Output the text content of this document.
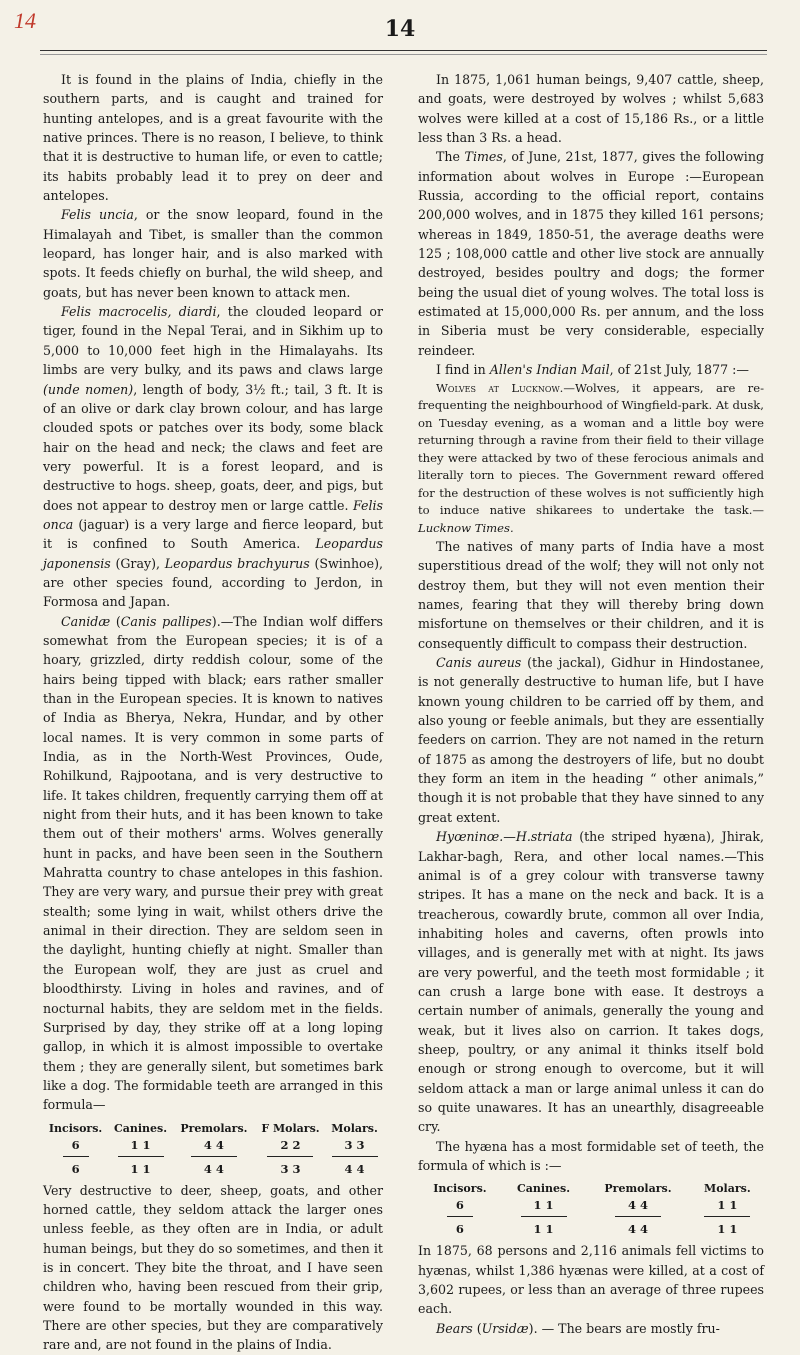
14	14

It is found in the plains of India, chiefly in the southern parts, and is caught and trained for hunting antelopes, and is a great favourite with the native princes. There is no reason, I believe, to think that it is destructive to human life, or even to cattle; its habits probably lead it to prey on deer and antelopes.

Felis uncia, or the snow leopard, found in the Himalayah and Tibet, is smaller than the common leopard, has longer hair, and is also marked with spots. It feeds chiefly on burhal, the wild sheep, and goats, but has never been known to attack men.

Felis macrocelis, diardi, the clouded leopard or tiger, found in the Nepal Terai, and in Sikhim up to 5,000 to 10,000 feet high in the Himalayahs. Its limbs are very bulky, and its paws and claws large (unde nomen), length of body, 3½ ft.; tail, 3 ft. It is of an olive or dark clay brown colour, and has large clouded spots or patches over its body, some black hair on the head and neck; the claws and feet are very powerful. It is a forest leopard, and is destructive to hogs. sheep, goats, deer, and pigs, but does not appear to destroy men or large cattle. Felis onca (jaguar) is a very large and fierce leopard, but it is confined to South America. Leopardus japonensis (Gray), Leopardus brachyurus (Swinhoe), are other species found, according to Jerdon, in Formosa and Japan.

Canidæ (Canis pallipes).—The Indian wolf differs somewhat from the European species; it is of a hoary, grizzled, dirty reddish colour, some of the hairs being tipped with black; ears rather smaller than in the European species. It is known to natives of India as Bherya, Nekra, Hundar, and by other local names. It is very common in some parts of India, as in the North-West Provinces, Oude, Rohilkund, Rajpootana, and is very destructive to life. It takes children, frequently carrying them off at night from their huts, and it has been known to take them out of their mothers' arms. Wolves generally hunt in packs, and have been seen in the Southern Mahratta country to chase antelopes in this fashion. They are very wary, and pursue their prey with great stealth; some lying in wait, whilst others drive the animal in their direction. They are seldom seen in the daylight, hunting chiefly at night. Smaller than the European wolf, they are just as cruel and bloodthirsty. Living in holes and ravines, and of nocturnal habits, they are seldom met in the fields. Surprised by day, they strike off at a long loping gallop, in which it is almost impossible to overtake them ; they are generally silent, but sometimes bark like a dog. The formidable teeth are arranged in this formula—

Incisors.	Canines.	Premolars.	F Molars.	Molars.
6	1 1	4 4	2 2	3 3

6	1 1	4 4	3 3	4 4

Very destructive to deer, sheep, goats, and other horned cattle, they seldom attack the larger ones unless feeble, as they often are in India, or adult human beings, but they do so sometimes, and then it is in concert. They bite the throat, and I have seen children who, having been rescued from their grip, were found to be mortally wounded in this way. There are other species, but they are comparatively rare and, are not found in the plains of India.

In 1875, 1,061 human beings, 9,407 cattle, sheep, and goats, were destroyed by wolves ; whilst 5,683 wolves were killed at a cost of 15,186 Rs., or a little less than 3 Rs. a head.

The Times, of June, 21st, 1877, gives the following information about wolves in Europe :—European Russia, according to the official report, contains 200,000 wolves, and in 1875 they killed 161 persons; whereas in 1849, 1850-51, the average deaths were 125 ; 108,000 cattle and other live stock are annually destroyed, besides poultry and dogs; the former being the usual diet of young wolves. The total loss is estimated at 15,000,000 Rs. per annum, and the loss in Siberia must be very considerable, especially reindeer.

I find in Allen's Indian Mail, of 21st July, 1877 :—

Wolves at Lucknow.—Wolves, it appears, are re-frequenting the neighbourhood of Wingfield-park. At dusk, on Tuesday evening, as a woman and a little boy were returning through a ravine from their field to their village they were attacked by two of these ferocious animals and literally torn to pieces. The Government reward offered for the destruction of these wolves is not sufficiently high to induce native shikarees to undertake the task.—Lucknow Times.

The natives of many parts of India have a most superstitious dread of the wolf; they will not only not destroy them, but they will not even mention their names, fearing that they will thereby bring down misfortune on themselves or their children, and it is consequently difficult to compass their destruction.

Canis aureus (the jackal), Gidhur in Hindostanee, is not generally destructive to human life, but I have known young children to be carried off by them, and also young or feeble animals, but they are essentially feeders on carrion. They are not named in the return of 1875 as among the destroyers of life, but no doubt they form an item in the heading “ other animals,” though it is not probable that they have sinned to any great extent.

Hyœninœ.—H.striata (the striped hyæna), Jhirak, Lakhar-bagh, Rera, and other local names.—This animal is of a grey colour with transverse tawny stripes. It has a mane on the neck and back. It is a treacherous, cowardly brute, common all over India, inhabiting holes and caverns, often prowls into villages, and is generally met with at night. Its jaws are very powerful, and the teeth most formidable ; it can crush a large bone with ease. It destroys a certain number of animals, generally the young and weak, but it lives also on carrion. It takes dogs, sheep, poultry, or any animal it thinks itself bold enough or strong enough to overcome, but it will seldom attack a man or large animal unless it can do so quite unawares. It has an unearthly, disagreeable cry.

The hyæna has a most formidable set of teeth, the formula of which is :—

Incisors.	Canines.	Premolars.	Molars.
6	1 1	4 4	1 1

6	1 1	4 4	1 1

In 1875, 68 persons and 2,116 animals fell victims to hyænas, whilst 1,386 hyænas were killed, at a cost of 3,602 rupees, or less than an average of three rupees each.

Bears (Ursidæ). — The bears are mostly fru-
